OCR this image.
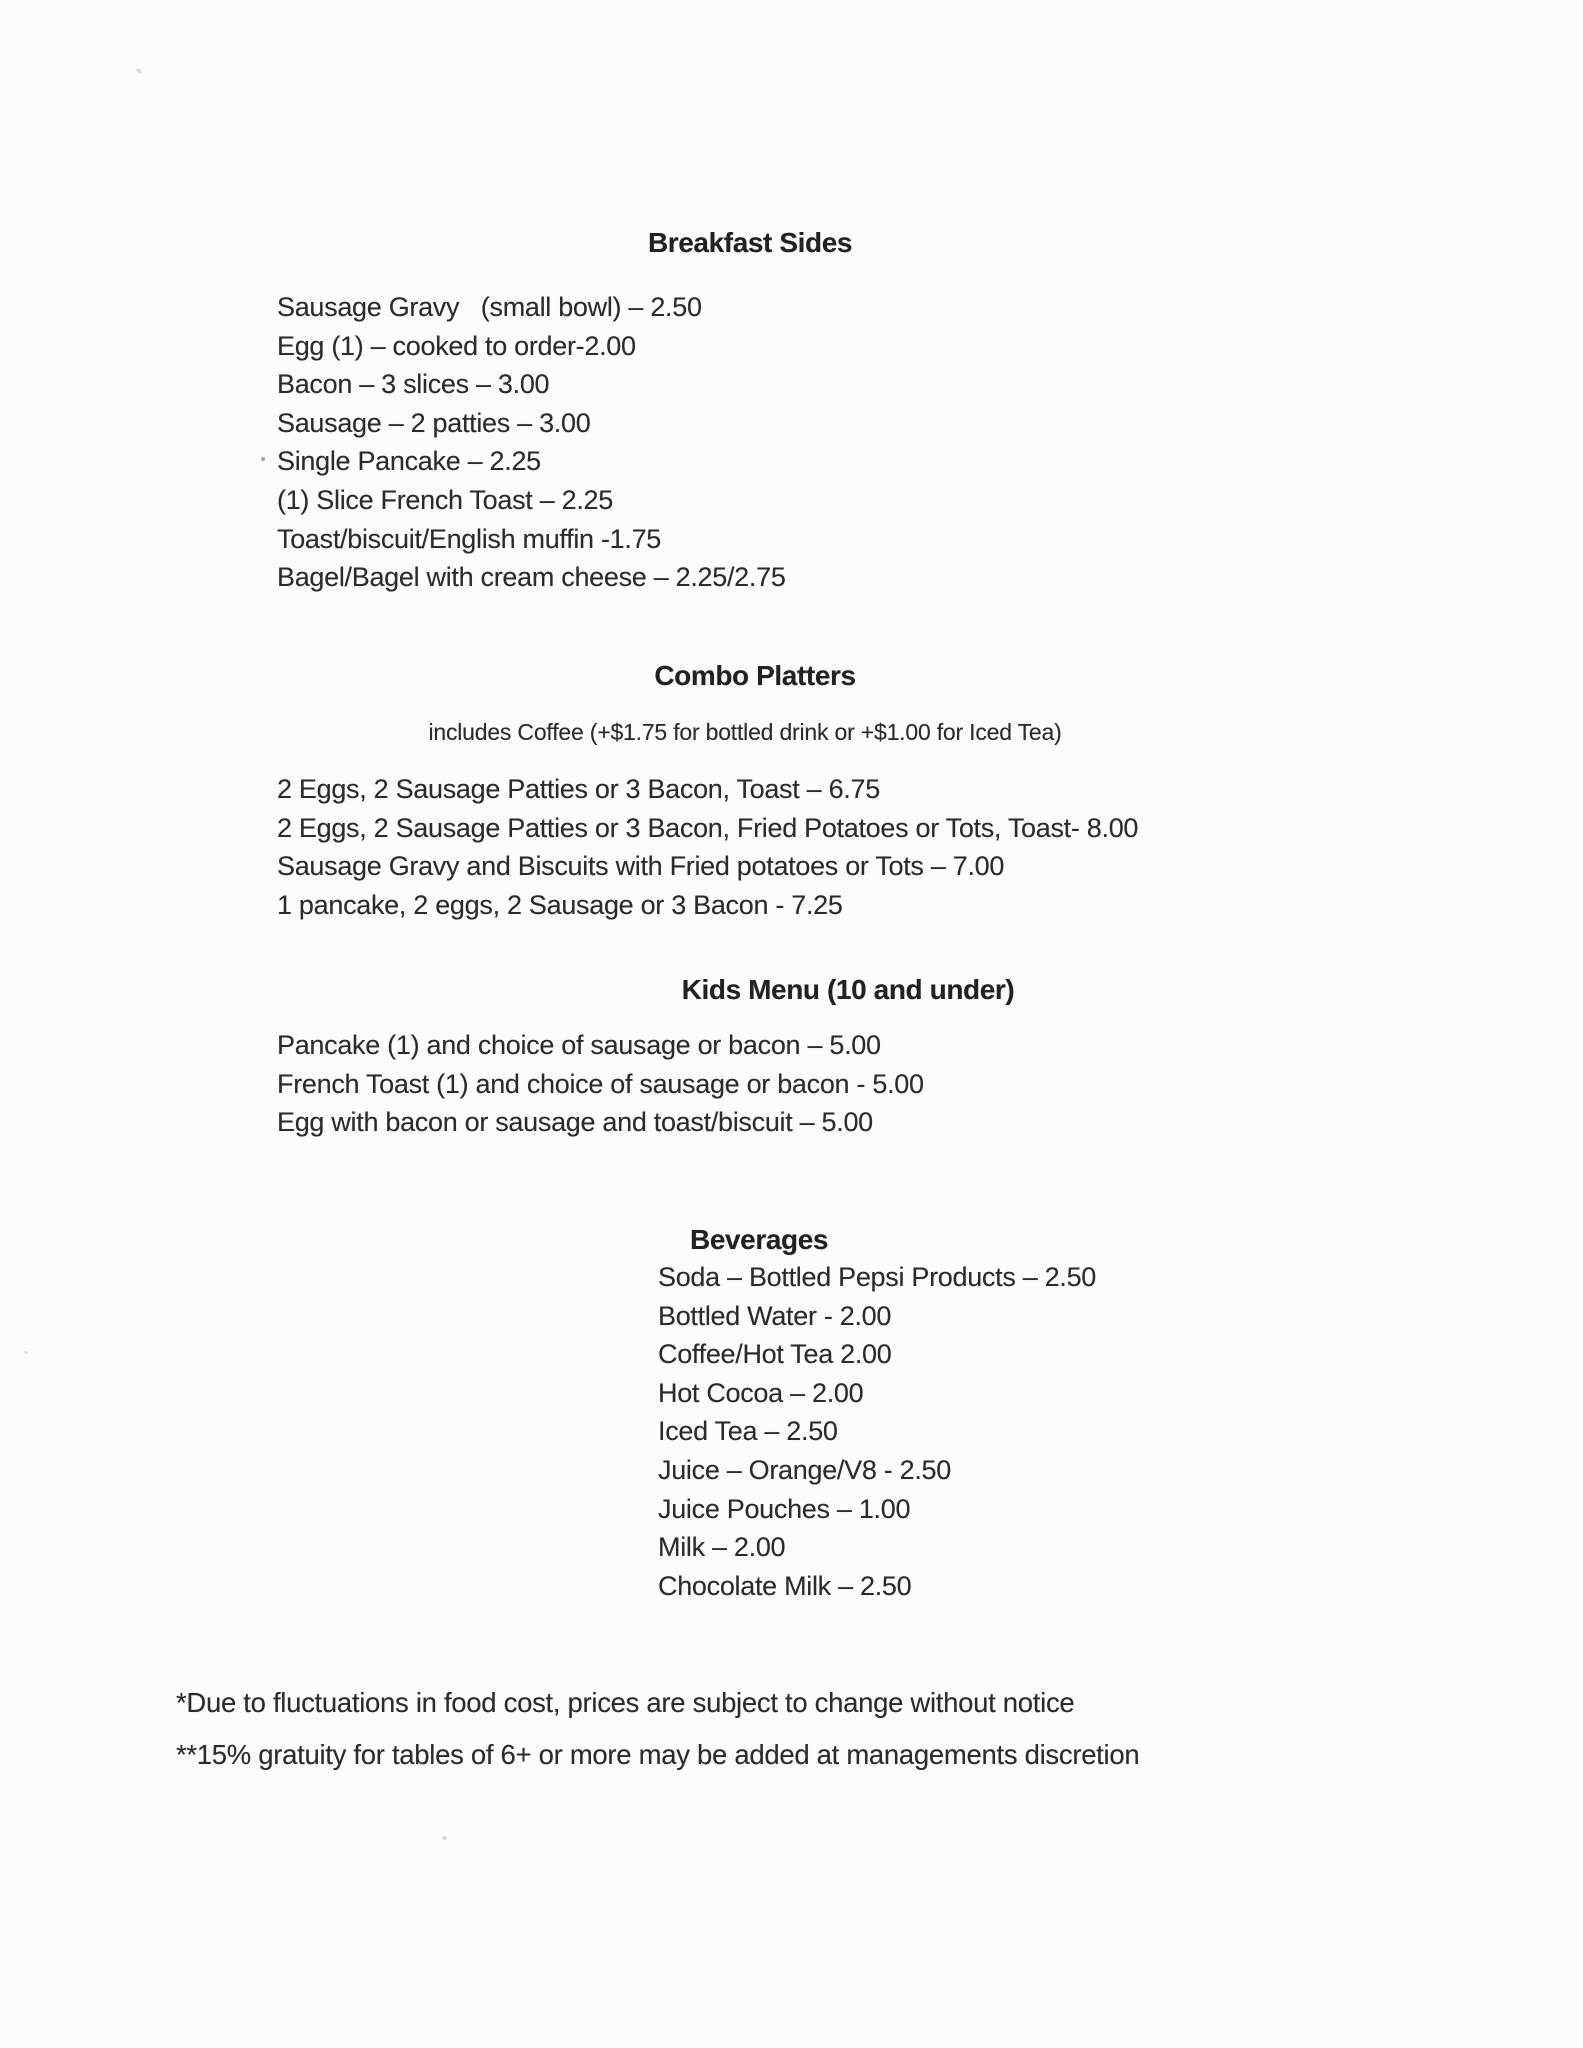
Breakfast Sides
Sausage Gravy   (small bowl) – 2.50
Egg (1) – cooked to order-2.00
Bacon – 3 slices – 3.00
Sausage – 2 patties – 3.00
Single Pancake – 2.25
(1) Slice French Toast – 2.25
Toast/biscuit/English muffin -1.75
Bagel/Bagel with cream cheese – 2.25/2.75
Combo Platters
includes Coffee (+$1.75 for bottled drink or +$1.00 for Iced Tea)
2 Eggs, 2 Sausage Patties or 3 Bacon, Toast – 6.75
2 Eggs, 2 Sausage Patties or 3 Bacon, Fried Potatoes or Tots, Toast- 8.00
Sausage Gravy and Biscuits with Fried potatoes or Tots – 7.00
1 pancake, 2 eggs, 2 Sausage or 3 Bacon - 7.25
Kids Menu (10 and under)
Pancake (1) and choice of sausage or bacon – 5.00
French Toast (1) and choice of sausage or bacon - 5.00
Egg with bacon or sausage and toast/biscuit – 5.00
Beverages
Soda – Bottled Pepsi Products – 2.50
Bottled Water - 2.00
Coffee/Hot Tea 2.00
Hot Cocoa – 2.00
Iced Tea – 2.50
Juice – Orange/V8 - 2.50
Juice Pouches – 1.00
Milk – 2.00
Chocolate Milk – 2.50
*Due to fluctuations in food cost, prices are subject to change without notice
**15% gratuity for tables of 6+ or more may be added at managements discretion
